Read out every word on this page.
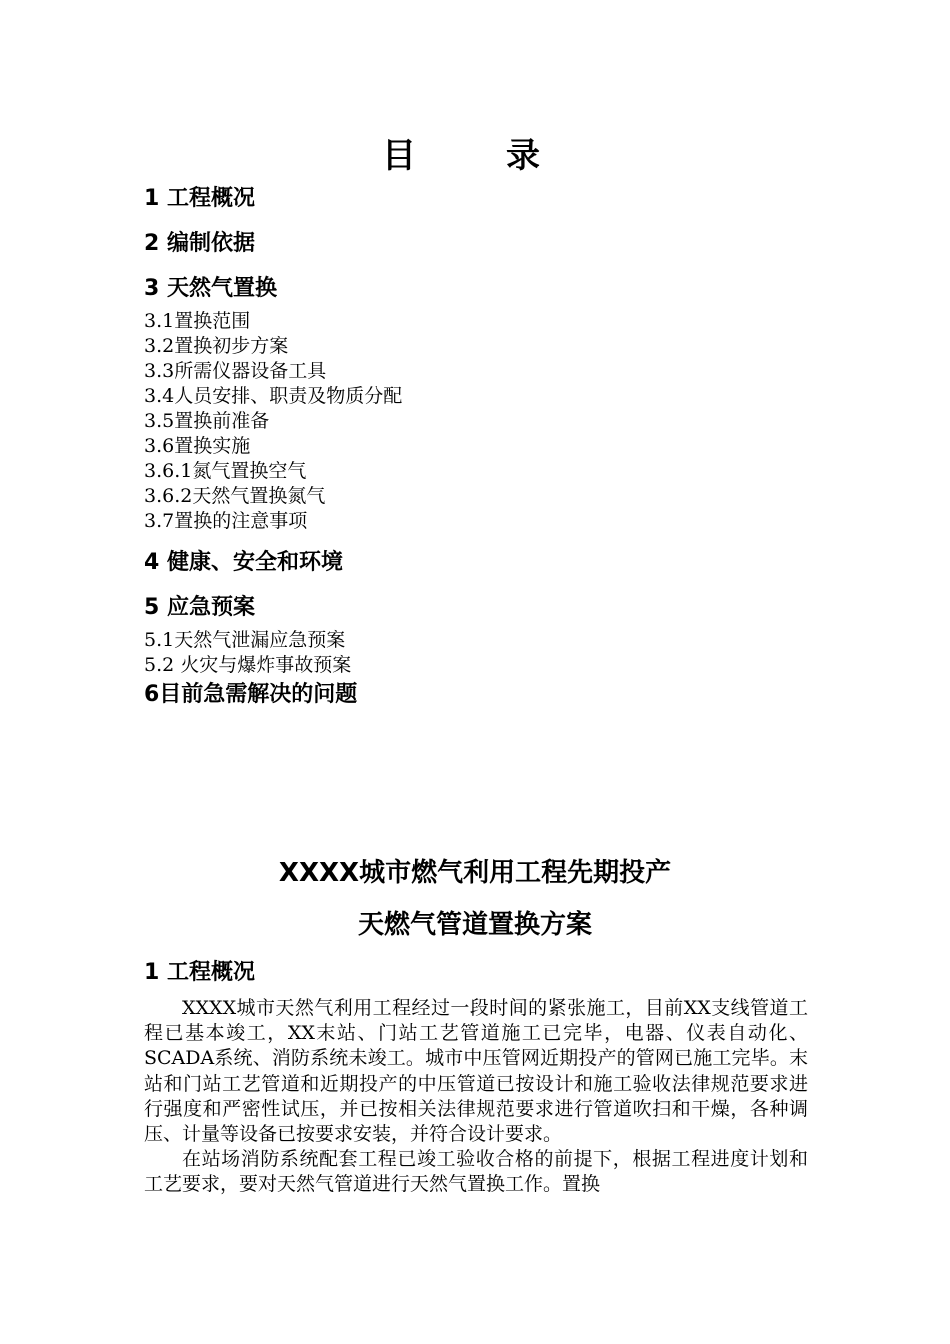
目　录
1 工程概况
2 编制依据
3 天然气置换
3.1置换范围
3.2置换初步方案
3.3所需仪器设备工具
3.4人员安排、职责及物质分配
3.5置换前准备
3.6置换实施
3.6.1氮气置换空气
3.6.2天然气置换氮气
3.7置换的注意事项
4 健康、安全和环境
5 应急预案
5.1天然气泄漏应急预案
5.2 火灾与爆炸事故预案
6目前急需解决的问题
XXXX城市燃气利用工程先期投产
天燃气管道置换方案
1 工程概况

XXXX城市天然气利用工程经过一段时间的紧张施工，目前XX支线管道工程已基本竣工，XX末站、门站工艺管道施工已完毕，电器、仪表自动化、SCADA系统、消防系统未竣工。城市中压管网近期投产的管网已施工完毕。末站和门站工艺管道和近期投产的中压管道已按设计和施工验收法律规范要求进行强度和严密性试压，并已按相关法律规范要求进行管道吹扫和干燥，各种调压、计量等设备已按要求安装，并符合设计要求。

在站场消防系统配套工程已竣工验收合格的前提下，根据工程进度计划和工艺要求，要对天然气管道进行天然气置换工作。置换
